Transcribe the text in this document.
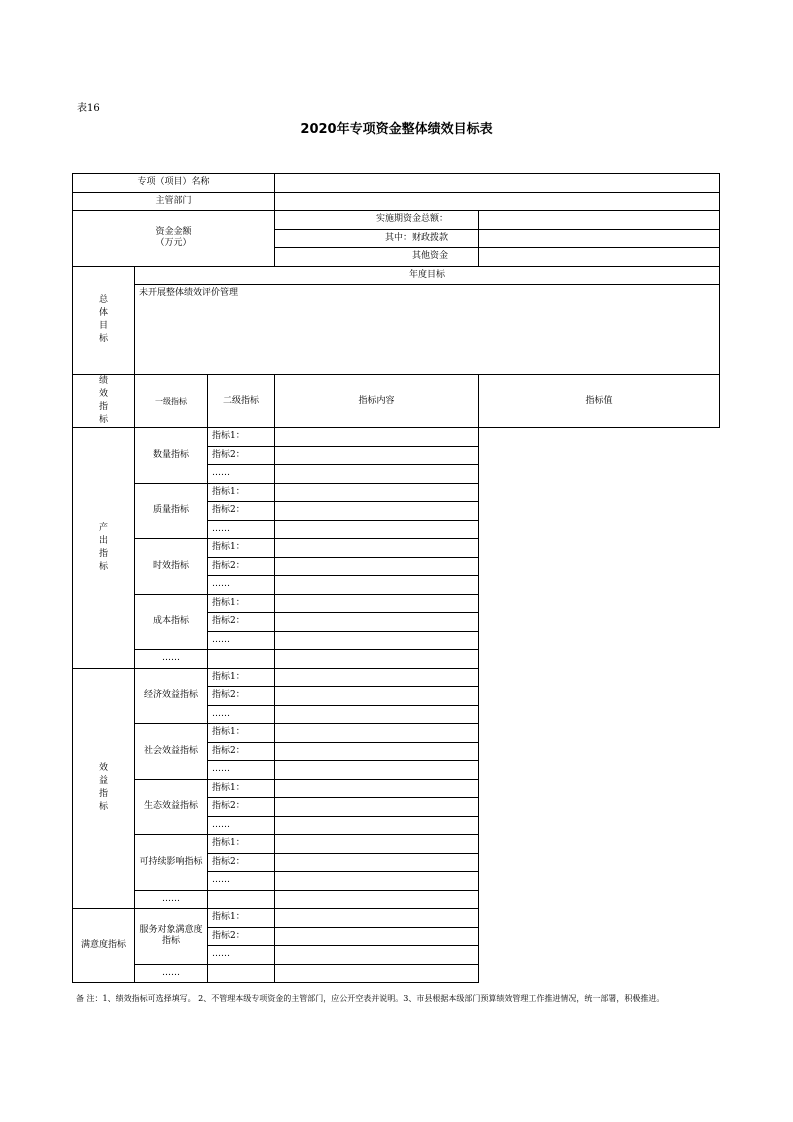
表16
2020年专项资金整体绩效目标表
专项（项目）名称				
主管部门				

资金金额
（万元）			实施期资金总额：	
			其中：财政拨款	
			其他资金	
总体目标	年度目标			
	未开展整体绩效评价管理			
绩效指标	一级指标	二级指标	指标内容	指标值
产出指标	数量指标	指标1：		
		指标2：		
		……		
	质量指标	指标1：		
		指标2：		
		……		
	时效指标	指标1：		
		指标2：		
		……		
	成本指标	指标1：		
		指标2：		
		……		
	……			
效益指标	经济效益指标	指标1：		
		指标2：		
		……		
	社会效益指标	指标1：		
		指标2：		
		……		
	生态效益指标	指标1：		
		指标2：		
		……		
	可持续影响指标	指标1：		
		指标2：		
		……		
	……			
满意度指标	服务对象满意度指标	指标1：		
		指标2：		
		……		
	……			
备 注：1、绩效指标可选择填写。 2、不管理本级专项资金的主管部门，应公开空表并说明。3、市县根据本级部门预算绩效管理工作推进情况，统一部署，积极推进。
